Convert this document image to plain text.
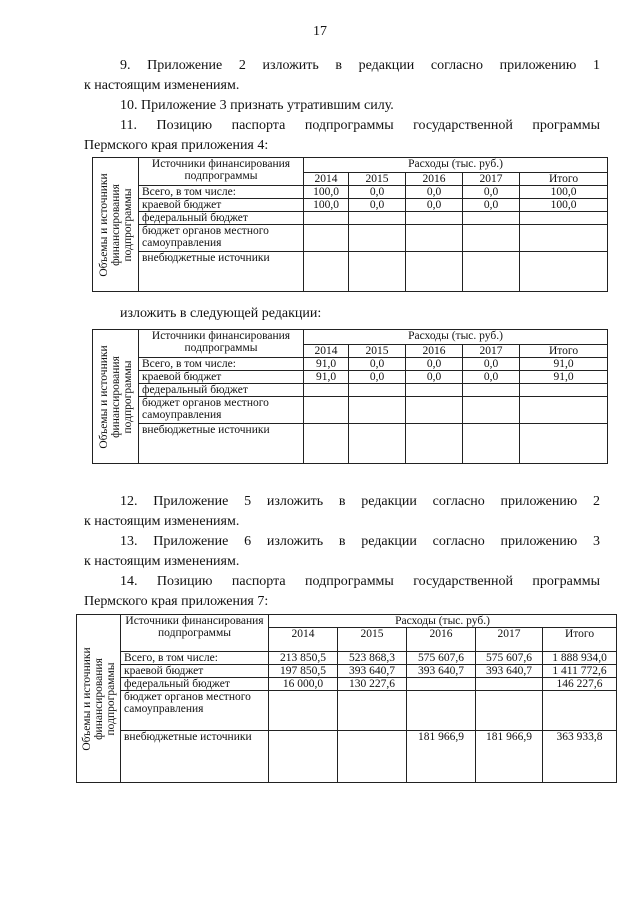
17
9. Приложение 2 изложить в редакции согласно приложению 1
к настоящим изменениям.
10. Приложение 3 признать утратившим силу.
11. Позицию паспорта подпрограммы государственной программы
Пермского края приложения 4:
Объемы и источники финансирования подпрограммы	Источники финансирования подпрограммы	Расходы (тыс. руб.)				
		2014	2015	2016	2017	Итого
	Всего, в том числе:	100,0	0,0	0,0	0,0	100,0
	краевой бюджет	100,0	0,0	0,0	0,0	100,0
	федеральный бюджет					
	бюджет органов местного самоуправления					
	внебюджетные источники					
изложить в следующей редакции:
Объемы и источники финансирования подпрограммы	Источники финансирования подпрограммы	Расходы (тыс. руб.)				
		2014	2015	2016	2017	Итого
	Всего, в том числе:	91,0	0,0	0,0	0,0	91,0
	краевой бюджет	91,0	0,0	0,0	0,0	91,0
	федеральный бюджет					
	бюджет органов местного самоуправления					
	внебюджетные источники					
12. Приложение 5 изложить в редакции согласно приложению 2
к настоящим изменениям.
13. Приложение 6 изложить в редакции согласно приложению 3
к настоящим изменениям.
14. Позицию паспорта подпрограммы государственной программы
Пермского края приложения 7:
Объемы и источники финансирования подпрограммы	Источники финансирования подпрограммы	Расходы (тыс. руб.)				
		2014	2015	2016	2017	Итого
	Всего, в том числе:	213 850,5	523 868,3	575 607,6	575 607,6	1 888 934,0
	краевой бюджет	197 850,5	393 640,7	393 640,7	393 640,7	1 411 772,6
	федеральный бюджет	16 000,0	130 227,6			146 227,6
	бюджет органов местного самоуправления					
	внебюджетные источники			181 966,9	181 966,9	363 933,8
